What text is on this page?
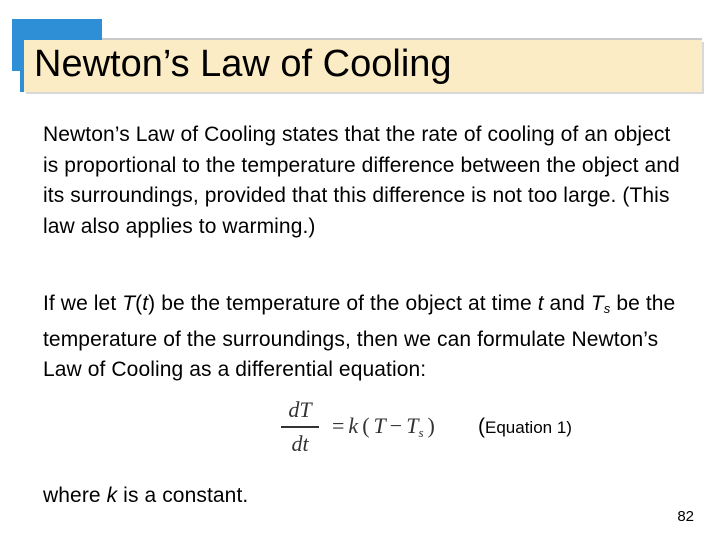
Newton’s Law of Cooling

Newton’s Law of Cooling states that the rate of cooling of an object is proportional to the temperature difference between the object and its surroundings, provided that this difference is not too large. (This law also applies to warming.)

If we let T(t) be the temperature of the object at time t and Ts be the temperature of the surroundings, then we can formulate Newton’s Law of Cooling as a differential equation:

dT
dt
= k ( $T - T_s$ ) (Equation 1)

where k is a constant.

82
